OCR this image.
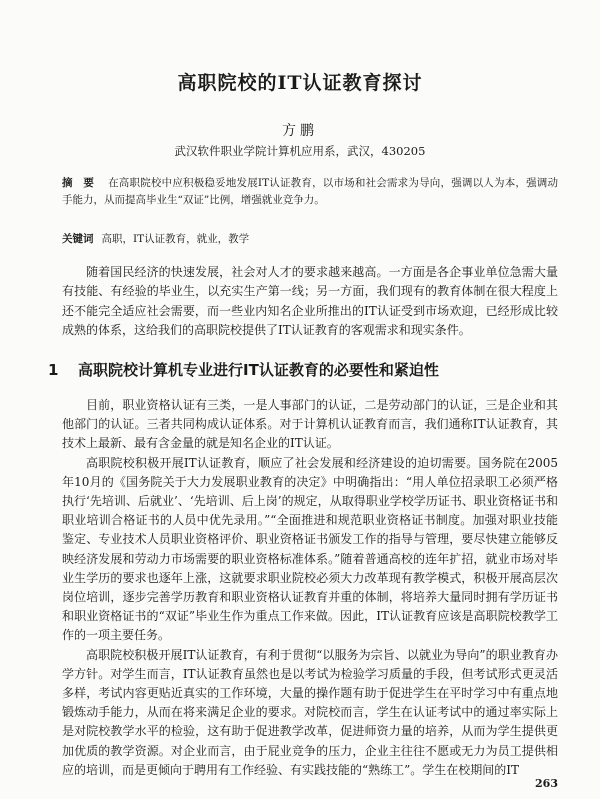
高职院校的IT认证教育探讨
方鹏
武汉软件职业学院计算机应用系，武汉，430205
摘　要 在高职院校中应积极稳妥地发展IT认证教育，以市场和社会需求为导向，强调以人为本，强调动手能力，从而提高毕业生“双证”比例，增强就业竞争力。
关键词 高职，IT认证教育，就业，教学

随着国民经济的快速发展，社会对人才的要求越来越高。一方面是各企事业单位急需大量有技能、有经验的毕业生，以充实生产第一线；另一方面，我们现有的教育体制在很大程度上还不能完全适应社会需要，而一些业内知名企业所推出的IT认证受到市场欢迎，已经形成比较成熟的体系，这给我们的高职院校提供了IT认证教育的客观需求和现实条件。

1 高职院校计算机专业进行IT认证教育的必要性和紧迫性

目前，职业资格认证有三类，一是人事部门的认证，二是劳动部门的认证，三是企业和其他部门的认证。三者共同构成认证体系。对于计算机认证教育而言，我们通称IT认证教育，其技术上最新、最有含金量的就是知名企业的IT认证。

高职院校积极开展IT认证教育，顺应了社会发展和经济建设的迫切需要。国务院在2005年10月的《国务院关于大力发展职业教育的决定》中明确指出：“用人单位招录职工必须严格执行‘先培训、后就业’、‘先培训、后上岗’的规定，从取得职业学校学历证书、职业资格证书和职业培训合格证书的人员中优先录用。”“全面推进和规范职业资格证书制度。加强对职业技能鉴定、专业技术人员职业资格评价、职业资格证书颁发工作的指导与管理，要尽快建立能够反映经济发展和劳动力市场需要的职业资格标准体系。”随着普通高校的连年扩招，就业市场对毕业生学历的要求也逐年上涨，这就要求职业院校必须大力改革现有教学模式，积极开展高层次岗位培训，逐步完善学历教育和职业资格认证教育并重的体制，将培养大量同时拥有学历证书和职业资格证书的“双证”毕业生作为重点工作来做。因此，IT认证教育应该是高职院校教学工作的一项主要任务。

高职院校积极开展IT认证教育，有利于贯彻“以服务为宗旨、以就业为导向”的职业教育办学方针。对学生而言，IT认证教育虽然也是以考试为检验学习质量的手段，但考试形式更灵活多样，考试内容更贴近真实的工作环境，大量的操作题有助于促进学生在平时学习中有重点地锻炼动手能力，从而在将来满足企业的要求。对院校而言，学生在认证考试中的通过率实际上是对院校教学水平的检验，这有助于促进教学改革，促进师资力量的培养，从而为学生提供更加优质的教学资源。对企业而言，由于屁业竞争的压力，企业主往往不愿或无力为员工提供相应的培训，而是更倾向于聘用有工作经验、有实践技能的“熟练工”。学生在校期间的IT

263
